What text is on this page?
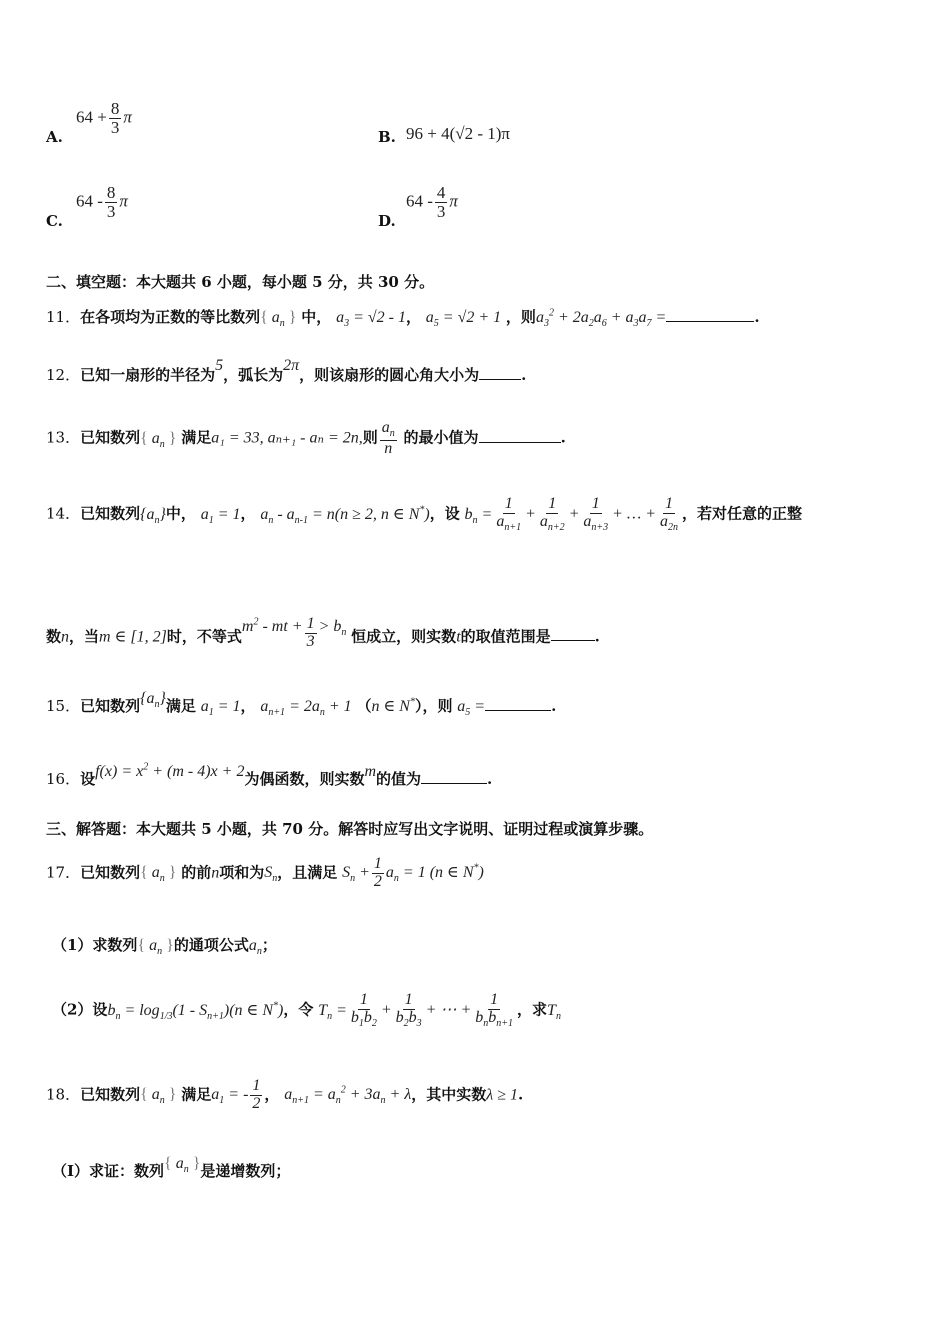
A.
$64 + \frac{8}{3}$ π
B. 96 + 4(√2 - 1)π
C.
$64 - \frac{8}{3}$ π
D.
$64 - \frac{4}{3}$ π
二、填空题：本大题共 6 小题，每小题 5 分，共 30 分。
11．在各项均为正数的等比数列{ $a_n$ } 中， $a_3 = √2 - 1$， $a_5 = √2 + 1$ ，则$a_3^2 + 2a_2a_6 + a_3a_7$ =	.
12．已知一扇形的半径为5，弧长为2π，则该扇形的圆心角大小为	.
13．已知数列{ $a_n$ } 满足a₁ = 33, aₙ₊₁ - aₙ = 2n,则 $\frac{a_n}{n}$ 的最小值为	.
14．已知数列$\{a_n\}$中， $a_1 = 1$， $a_n - a_{n-1} = n(n \ge 2$, n ∈ N*)，设 $b_n = \frac{1}{a_{n+1}} + \frac{1}{a_{n+2}} + \frac{1}{a_{n+3}}$ + … + $\frac{1}{a_{2n}}$ ，若对任意的正整
数n，当m ∈ [1, 2]时，不等式$m^2$ - mt + $\frac{1}{3} > b_n$ 恒成立，则实数t的取值范围是	.
15．已知数列$\{a_n\}$满足 $a_1 = 1$， $a_{n+1} = 2a_n + 1$ （n ∈ N*），则 $a_5$ =	.
16．设$f(x) = x^2 + (m - 4)x + 2$为偶函数，则实数m的值为	.
三、解答题：本大题共 5 小题，共 70 分。解答时应写出文字说明、证明过程或演算步骤。
17．已知数列{ $a_n$ } 的前n项和为$S_n$，且满足 $S_n + \frac{1}{2} a_n = 1$ (n ∈ N*)
（1）求数列{ $a_n$ }的通项公式$a_n$；
（2）设$b_n = \log_{1/3}(1 - S_{n+1})(n$ ∈ N*)，令 $T_n = \frac{1}{b_1b_2} + \frac{1}{b_2b_3}$ + ⋯ + $\frac{1}{b_nb_{n+1}}$ ，求$T_n$
18．已知数列{ $a_n$ } 满足$a_1$ = - $\frac{1}{2}$ ， $a_{n+1} = a_n^2 + 3a_n + \lambda$，其中实数λ ≥ 1.
（I）求证：数列{ $a_n$ }是递增数列；
